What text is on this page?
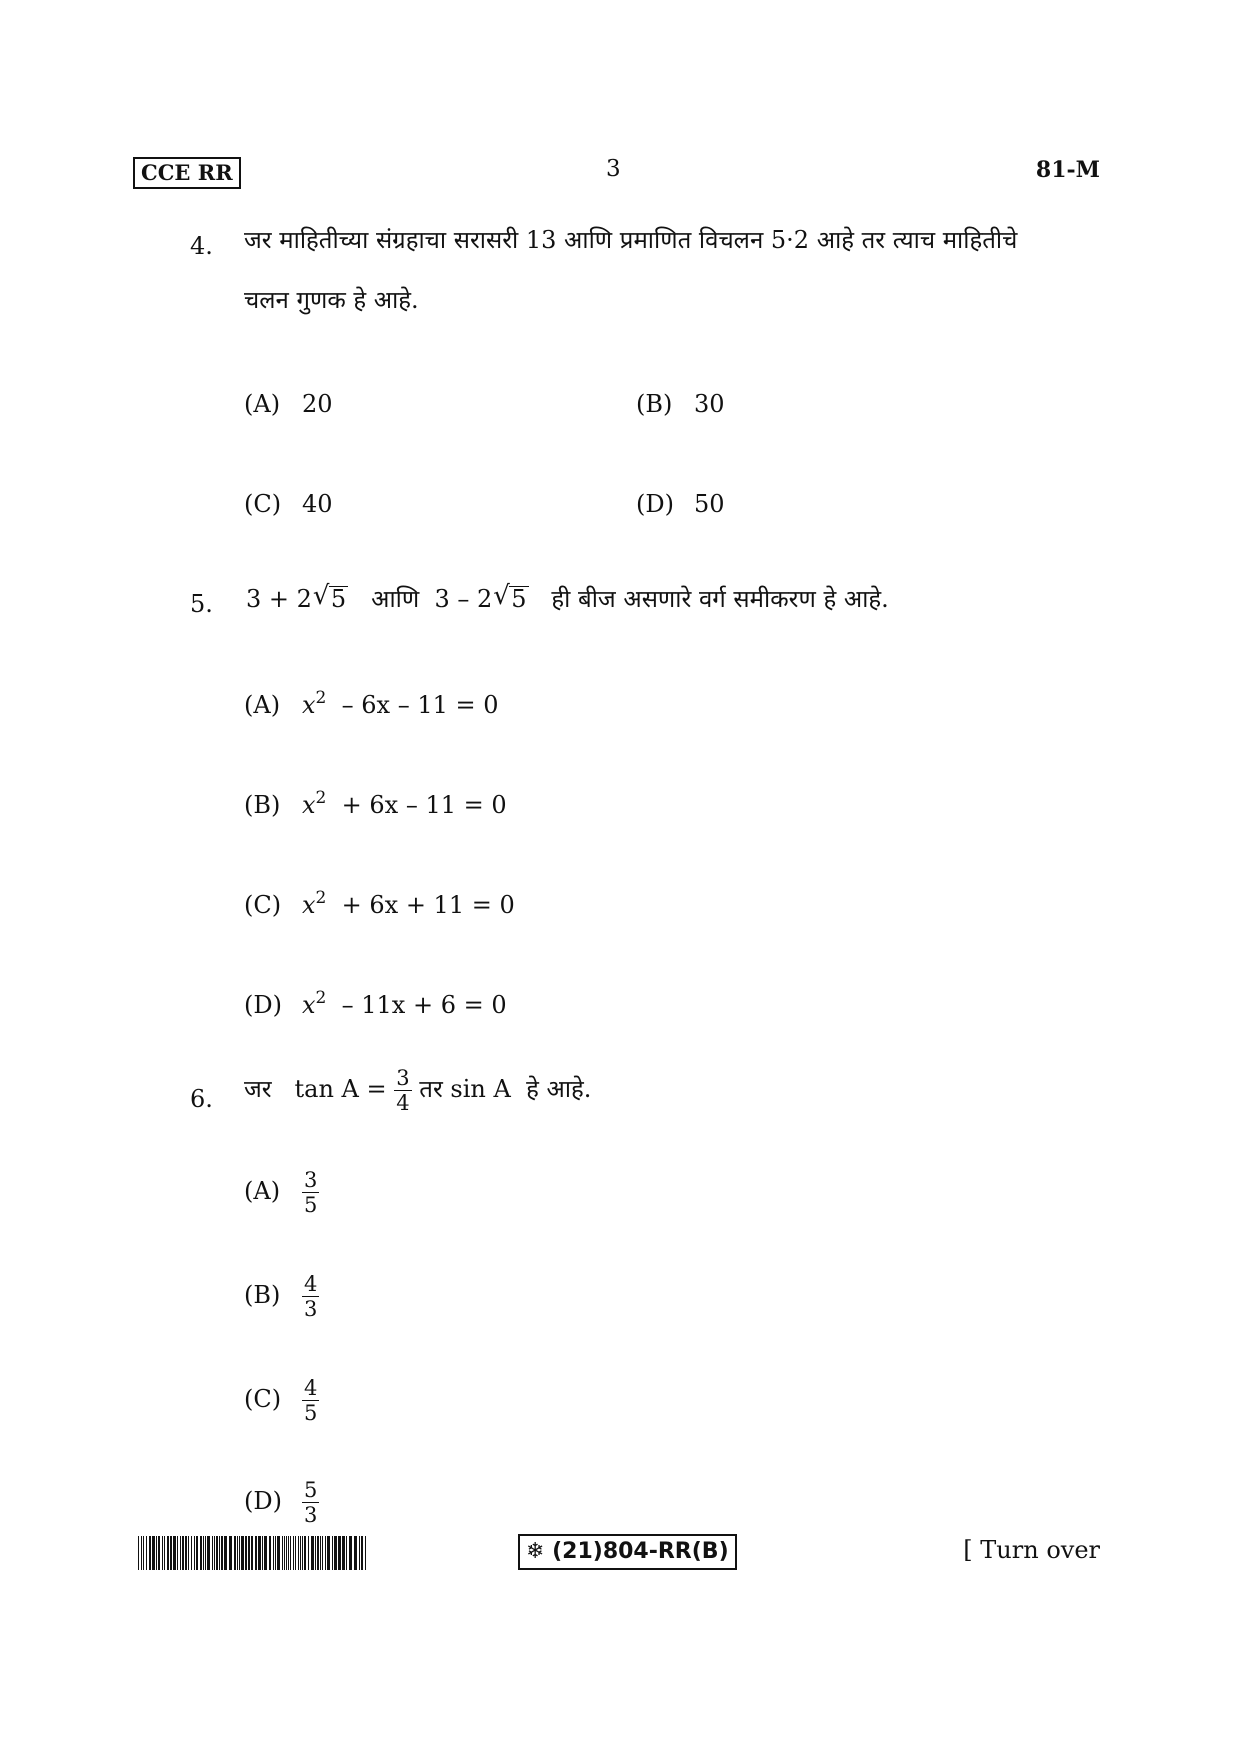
CCE RR	3	81-M
4. जर माहितीच्या संग्रहाचा सरासरी 13 आणि प्रमाणित विचलन 5·2 आहे तर त्याच माहितीचे
चलन गुणक हे आहे.
(A) 20	(B) 30
(C) 40	(D) 50
5. 3 + 2 √ 5 आणि 3 – 2 √ 5 ही बीज असणारे वर्ग समीकरण हे आहे.
(A) $x^2 - 6x - 11 = 0$
(B) $x^2 + 6x - 11 = 0$
(C) $x^2 + 6x + 11 = 0$
(D) $x^2 - 11x + 6 = 0$
6. जर $\tan A = \frac{3}{4}$ तर sin A हे आहे.
$(A) \frac{3}{5}$
$(B) \frac{4}{3}$
$(C) \frac{4}{5}$
$(D) \frac{5}{3}$
❄ (21)804-RR(B)	[ Turn over
